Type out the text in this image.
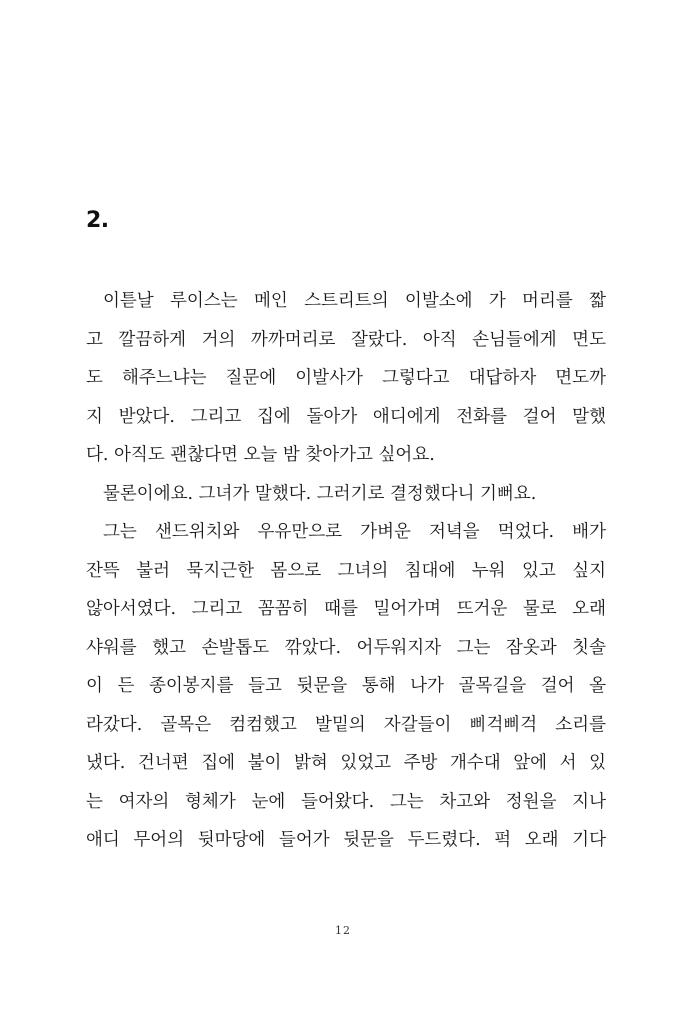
2.
이튿날 루이스는 메인 스트리트의 이발소에 가 머리를 짧
고 깔끔하게 거의 까까머리로 잘랐다. 아직 손님들에게 면도
도 해주느냐는 질문에 이발사가 그렇다고 대답하자 면도까
지 받았다. 그리고 집에 돌아가 애디에게 전화를 걸어 말했
다. 아직도 괜찮다면 오늘 밤 찾아가고 싶어요.
물론이에요. 그녀가 말했다. 그러기로 결정했다니 기뻐요.
그는 샌드위치와 우유만으로 가벼운 저녁을 먹었다. 배가
잔뜩 불러 묵지근한 몸으로 그녀의 침대에 누워 있고 싶지
않아서였다. 그리고 꼼꼼히 때를 밀어가며 뜨거운 물로 오래
샤워를 했고 손발톱도 깎았다. 어두워지자 그는 잠옷과 칫솔
이 든 종이봉지를 들고 뒷문을 통해 나가 골목길을 걸어 올
라갔다. 골목은 컴컴했고 발밑의 자갈들이 삐걱삐걱 소리를
냈다. 건너편 집에 불이 밝혀 있었고 주방 개수대 앞에 서 있
는 여자의 형체가 눈에 들어왔다. 그는 차고와 정원을 지나
애디 무어의 뒷마당에 들어가 뒷문을 두드렸다. 퍽 오래 기다
12
